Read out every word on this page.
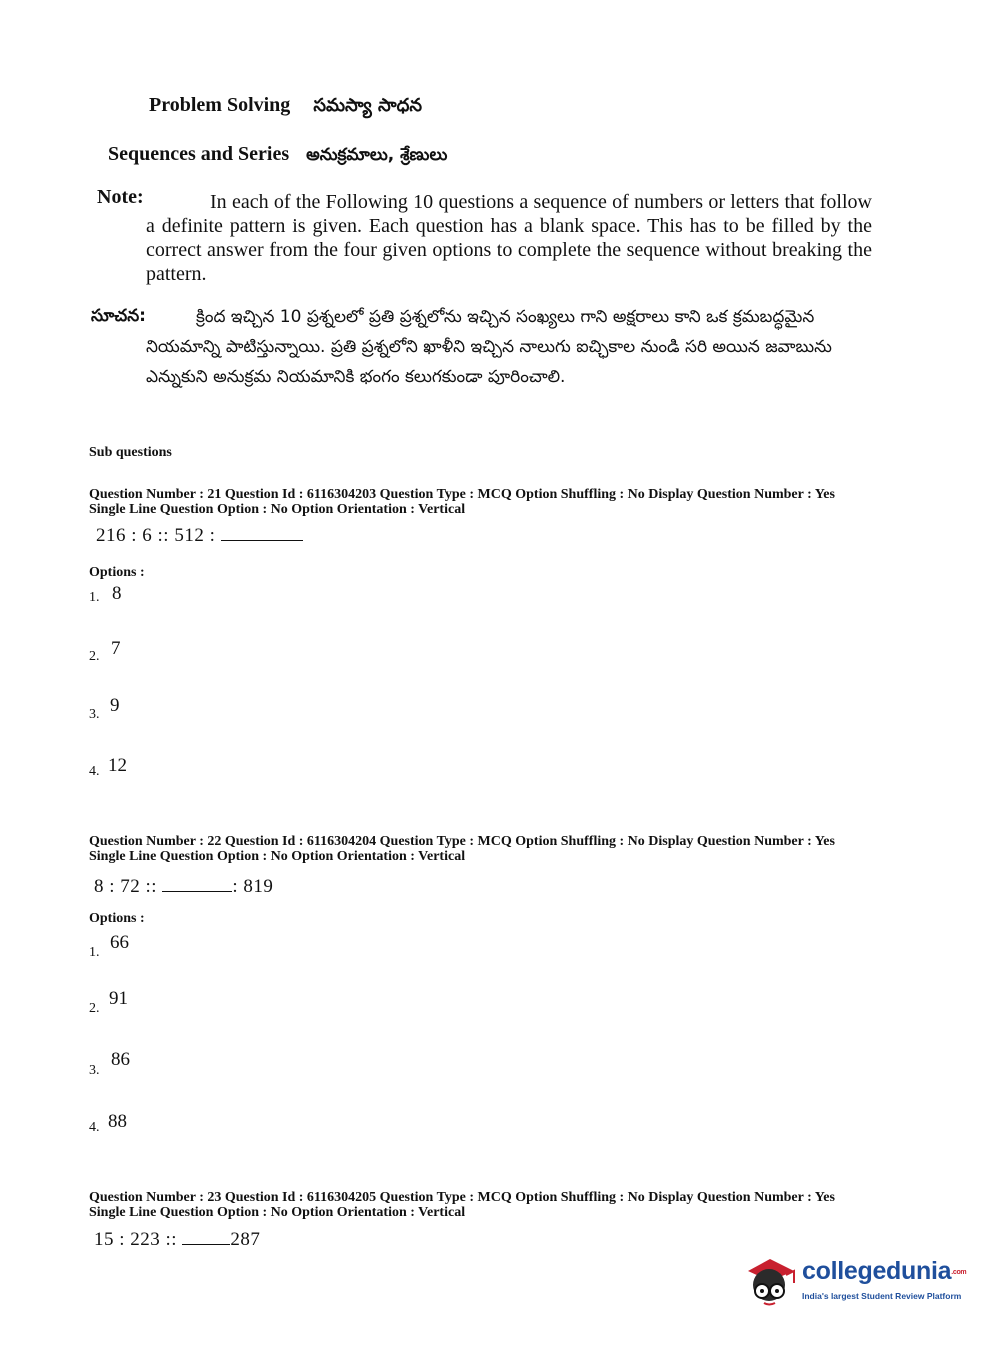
Problem Solving సమస్యా సాధన
Sequences and Series అనుక్రమాలు, శ్రేణులు
Note:	In each of the Following 10 questions a sequence of numbers or letters that follow a definite pattern is given. Each question has a blank space. This has to be filled by the correct answer from the four given options to complete the sequence without breaking the pattern.
సూచన:	క్రింద ఇచ్చిన 10 ప్రశ్నలలో ప్రతి ప్రశ్నలోను ఇచ్చిన సంఖ్యలు గాని అక్షరాలు కాని ఒక క్రమబద్ధమైన నియమాన్ని పాటిస్తున్నాయి. ప్రతి ప్రశ్నలోని ఖాళీని ఇచ్చిన నాలుగు ఐచ్ఛికాల నుండి సరి అయిన జవాబును ఎన్నుకుని అనుక్రమ నియమానికి భంగం కలుగకుండా పూరించాలి.
Sub questions
Question Number : 21 Question Id : 6116304203 Question Type : MCQ Option Shuffling : No Display Question Number : Yes
Single Line Question Option : No Option Orientation : Vertical
216 : 6 :: 512 :
Options :
1. 8
2. 7
3. 9
4. 12
Question Number : 22 Question Id : 6116304204 Question Type : MCQ Option Shuffling : No Display Question Number : Yes
Single Line Question Option : No Option Orientation : Vertical
8 : 72 ::	: 819
Options :
1. 66
2. 91
3.
86
4. 88
Question Number : 23 Question Id : 6116304205 Question Type : MCQ Option Shuffling : No Display Question Number : Yes
Single Line Question Option : No Option Orientation : Vertical
15 : 223 ::	287
collegedunia.com
India's largest Student Review Platform
